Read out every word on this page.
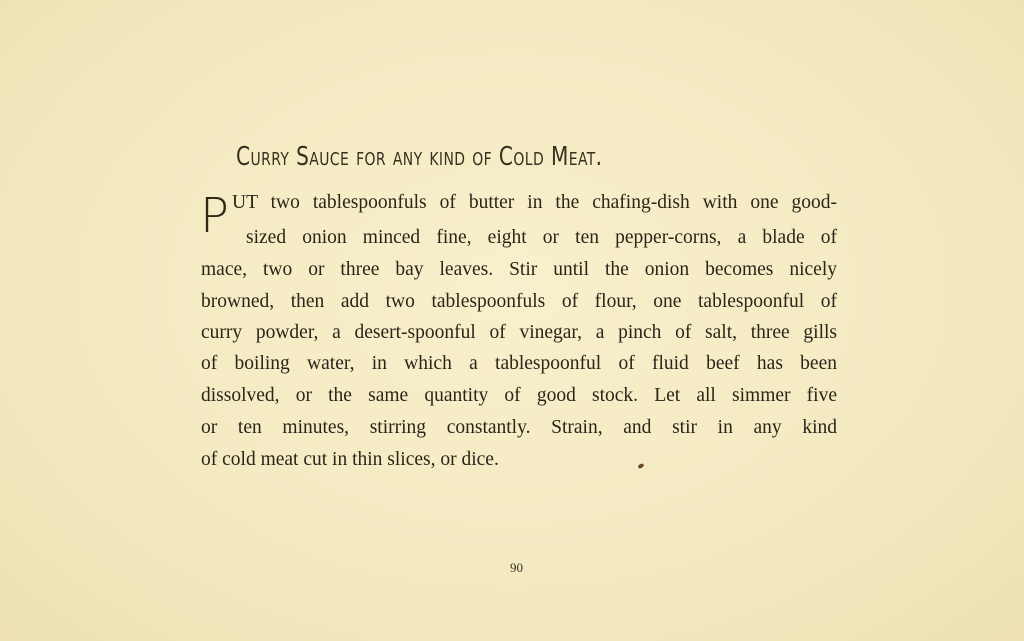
Curry Sauce for any kind of Cold Meat.
P UT two tablespoonfuls of butter in the chafing-dish with one good-
sized onion minced fine, eight or ten pepper-corns, a blade of
mace, two or three bay leaves. Stir until the onion becomes nicely
browned, then add two tablespoonfuls of flour, one tablespoonful of
curry powder, a desert-spoonful of vinegar, a pinch of salt, three gills
of boiling water, in which a tablespoonful of fluid beef has been
dissolved, or the same quantity of good stock. Let all simmer five
or ten minutes, stirring constantly. Strain, and stir in any kind
of cold meat cut in thin slices, or dice.
90
